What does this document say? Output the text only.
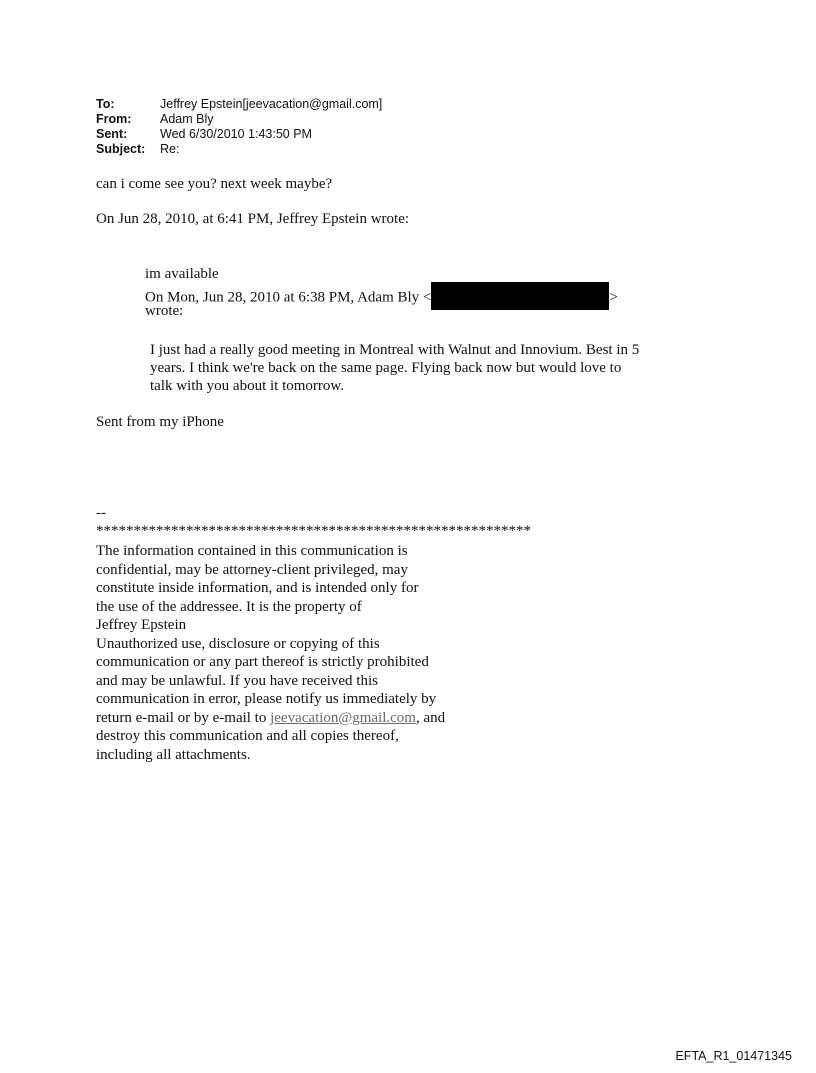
To:	Jeffrey Epstein[jeevacation@gmail.com]
From:	Adam Bly
Sent:	Wed 6/30/2010 1:43:50 PM
Subject:	Re:
can i come see you? next week maybe?
On Jun 28, 2010, at 6:41 PM, Jeffrey Epstein wrote:
im available
On Mon, Jun 28, 2010 at 6:38 PM, Adam Bly <	>
wrote:
I just had a really good meeting in Montreal with Walnut and Innovium. Best in 5
years. I think we're back on the same page. Flying back now but would love to
talk with you about it tomorrow.
Sent from my iPhone
--
**********************************************************
The information contained in this communication is
confidential, may be attorney-client privileged, may
constitute inside information, and is intended only for
the use of the addressee. It is the property of
Jeffrey Epstein
Unauthorized use, disclosure or copying of this
communication or any part thereof is strictly prohibited
and may be unlawful. If you have received this
communication in error, please notify us immediately by
return e-mail or by e-mail to jeevacation@gmail.com, and
destroy this communication and all copies thereof,
including all attachments.
EFTA_R1_01471345
